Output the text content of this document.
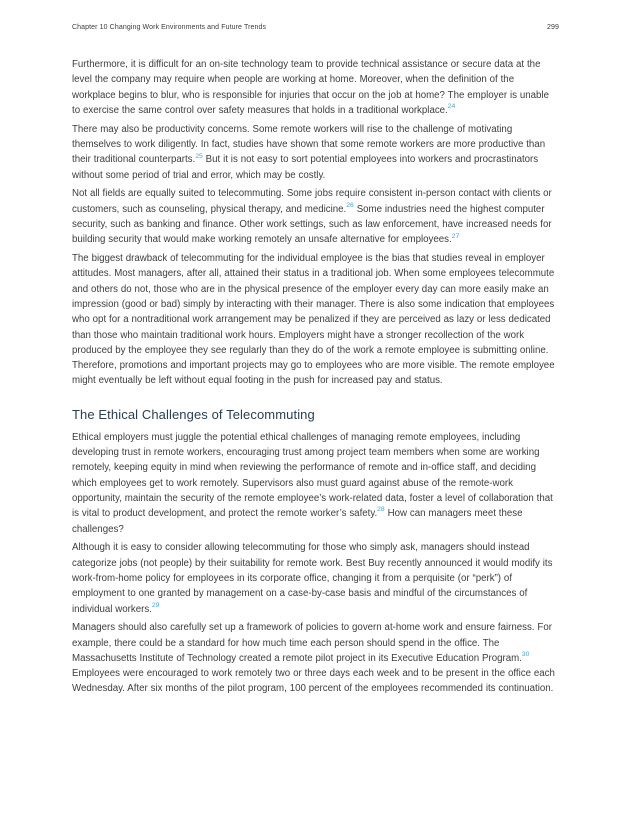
Chapter 10 Changing Work Environments and Future Trends	299

Furthermore, it is difficult for an on-site technology team to provide technical assistance or secure data at the level the company may require when people are working at home. Moreover, when the definition of the workplace begins to blur, who is responsible for injuries that occur on the job at home? The employer is unable to exercise the same control over safety measures that holds in a traditional workplace.$^{24}$

There may also be productivity concerns. Some remote workers will rise to the challenge of motivating themselves to work diligently. In fact, studies have shown that some remote workers are more productive than their traditional counterparts.$^{25}$ But it is not easy to sort potential employees into workers and procrastinators without some period of trial and error, which may be costly.

Not all fields are equally suited to telecommuting. Some jobs require consistent in-person contact with clients or customers, such as counseling, physical therapy, and medicine.$^{26}$ Some industries need the highest computer security, such as banking and finance. Other work settings, such as law enforcement, have increased needs for building security that would make working remotely an unsafe alternative for employees.$^{27}$

The biggest drawback of telecommuting for the individual employee is the bias that studies reveal in employer attitudes. Most managers, after all, attained their status in a traditional job. When some employees telecommute and others do not, those who are in the physical presence of the employer every day can more easily make an impression (good or bad) simply by interacting with their manager. There is also some indication that employees who opt for a nontraditional work arrangement may be penalized if they are perceived as lazy or less dedicated than those who maintain traditional work hours. Employers might have a stronger recollection of the work produced by the employee they see regularly than they do of the work a remote employee is submitting online. Therefore, promotions and important projects may go to employees who are more visible. The remote employee might eventually be left without equal footing in the push for increased pay and status.

The Ethical Challenges of Telecommuting

Ethical employers must juggle the potential ethical challenges of managing remote employees, including developing trust in remote workers, encouraging trust among project team members when some are working remotely, keeping equity in mind when reviewing the performance of remote and in-office staff, and deciding which employees get to work remotely. Supervisors also must guard against abuse of the remote-work opportunity, maintain the security of the remote employee’s work-related data, foster a level of collaboration that is vital to product development, and protect the remote worker’s safety.$^{28}$ How can managers meet these challenges?

Although it is easy to consider allowing telecommuting for those who simply ask, managers should instead categorize jobs (not people) by their suitability for remote work. Best Buy recently announced it would modify its work-from-home policy for employees in its corporate office, changing it from a perquisite (or “perk”) of employment to one granted by management on a case-by-case basis and mindful of the circumstances of individual workers.$^{29}$

Managers should also carefully set up a framework of policies to govern at-home work and ensure fairness. For example, there could be a standard for how much time each person should spend in the office. The Massachusetts Institute of Technology created a remote pilot project in its Executive Education Program.$^{30}$ Employees were encouraged to work remotely two or three days each week and to be present in the office each Wednesday. After six months of the pilot program, 100 percent of the employees recommended its continuation.
